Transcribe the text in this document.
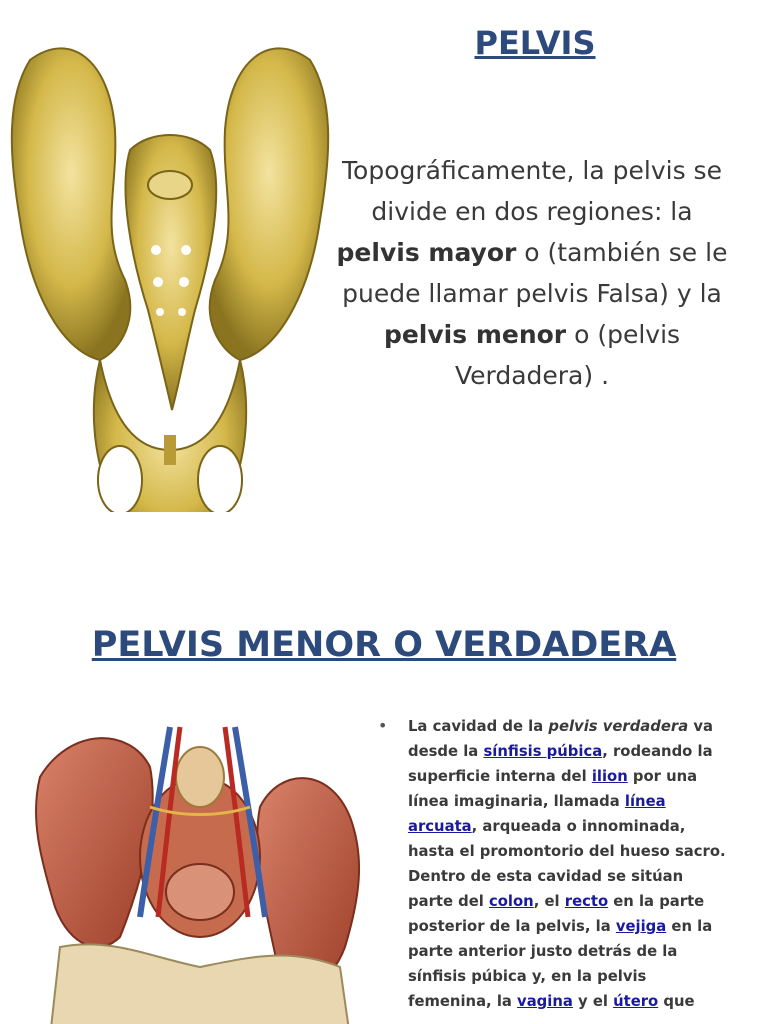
PELVIS
Topográficamente, la pelvis se divide en dos regiones: la pelvis mayor o (también se le puede llamar pelvis Falsa) y la pelvis menor o (pelvis Verdadera) .
PELVIS MENOR O VERDADERA
• La cavidad de la pelvis verdadera va desde la sínfisis púbica, rodeando la superficie interna del ilion por una línea imaginaria, llamada línea arcuata, arqueada o innominada, hasta el promontorio del hueso sacro. Dentro de esta cavidad se sitúan parte del colon, el recto en la parte posterior de la pelvis, la vejiga en la parte anterior justo detrás de la sínfisis púbica y, en la pelvis femenina, la vagina y el útero que
